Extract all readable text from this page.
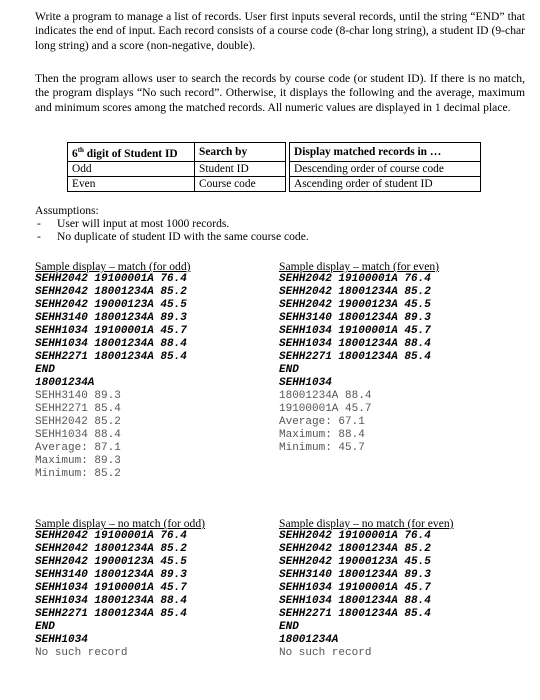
Write a program to manage a list of records. User first inputs several records, until the string “END” that indicates the end of input. Each record consists of a course code (8-char long string), a student ID (9-char long string) and a score (non-negative, double).

Then the program allows user to search the records by course code (or student ID). If there is no match, the program displays “No such record”. Otherwise, it displays the following and the average, maximum and minimum scores among the matched records. All numeric values are displayed in 1 decimal place.

6th digit of Student ID	Search by		Display matched records in …
Odd	Student ID		Descending order of course code
Even	Course code		Ascending order of student ID
Assumptions:
- User will input at most 1000 records.
- No duplicate of student ID with the same course code.
Sample display – match (for odd)
SEHH2042 19100001A 76.4
SEHH2042 18001234A 85.2
SEHH2042 19000123A 45.5
SEHH3140 18001234A 89.3
SEHH1034 19100001A 45.7
SEHH1034 18001234A 88.4
SEHH2271 18001234A 85.4
END
18001234A
SEHH3140 89.3
SEHH2271 85.4
SEHH2042 85.2
SEHH1034 88.4
Average: 87.1
Maximum: 89.3
Minimum: 85.2
Sample display – match (for even)
SEHH2042 19100001A 76.4
SEHH2042 18001234A 85.2
SEHH2042 19000123A 45.5
SEHH3140 18001234A 89.3
SEHH1034 19100001A 45.7
SEHH1034 18001234A 88.4
SEHH2271 18001234A 85.4
END
SEHH1034
18001234A 88.4
19100001A 45.7
Average: 67.1
Maximum: 88.4
Minimum: 45.7
Sample display – no match (for odd)
SEHH2042 19100001A 76.4
SEHH2042 18001234A 85.2
SEHH2042 19000123A 45.5
SEHH3140 18001234A 89.3
SEHH1034 19100001A 45.7
SEHH1034 18001234A 88.4
SEHH2271 18001234A 85.4
END
SEHH1034
No such record
Sample display – no match (for even)
SEHH2042 19100001A 76.4
SEHH2042 18001234A 85.2
SEHH2042 19000123A 45.5
SEHH3140 18001234A 89.3
SEHH1034 19100001A 45.7
SEHH1034 18001234A 88.4
SEHH2271 18001234A 85.4
END
18001234A
No such record
